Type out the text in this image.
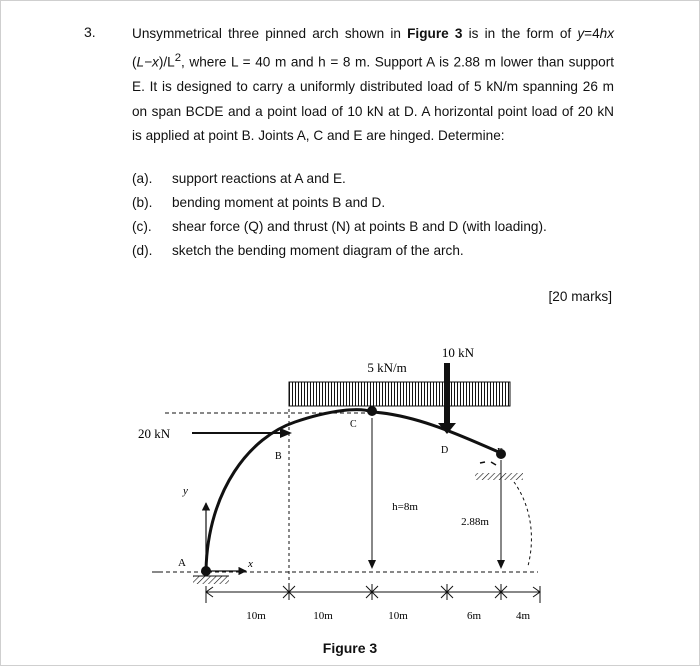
3.	Unsymmetrical three pinned arch shown in Figure 3 is in the form of y=4hx $(L-x)/L^2$, where L = 40 m and h = 8 m. Support A is 2.88 m lower than support E. It is designed to carry a uniformly distributed load of 5 kN/m spanning 26 m on span BCDE and a point load of 10 kN at D. A horizontal point load of 20 kN is applied at point B. Joints A, C and E are hinged. Determine:
(a).	support reactions at A and E.
(b).	bending moment at points B and D.
(c).	shear force (Q) and thrust (N) at points B and D (with loading).
(d).	sketch the bending moment diagram of the arch.
[20 marks]
5 kN/m
10 kN
20 kN
A
y
x
B
C
D
h=8m
2.88m
10m	10m	10m	6m	4m
Figure 3
